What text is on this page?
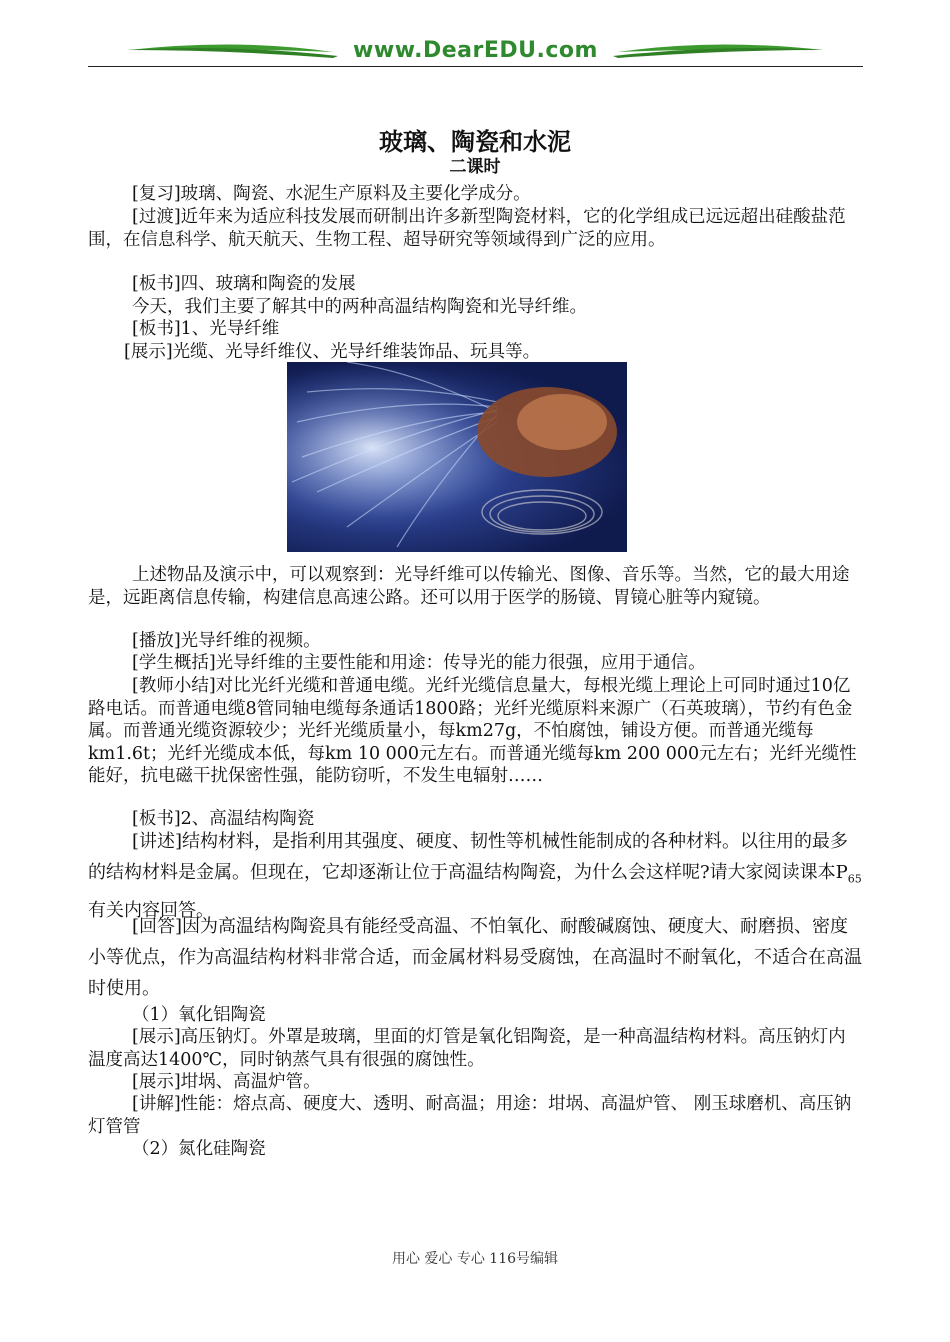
www.DearEDU.com
玻璃、陶瓷和水泥
二课时

[复习]玻璃、陶瓷、水泥生产原料及主要化学成分。

[过渡]近年来为适应科技发展而研制出许多新型陶瓷材料，它的化学组成已远远超出硅酸盐范围，在信息科学、航天航天、生物工程、超导研究等领域得到广泛的应用。

[板书]四、玻璃和陶瓷的发展

今天，我们主要了解其中的两种高温结构陶瓷和光导纤维。

[板书]1、光导纤维

[展示]光缆、光导纤维仪、光导纤维装饰品、玩具等。

上述物品及演示中，可以观察到：光导纤维可以传输光、图像、音乐等。当然，它的最大用途是，远距离信息传输，构建信息高速公路。还可以用于医学的肠镜、胃镜心脏等内窥镜。

[播放]光导纤维的视频。

[学生概括]光导纤维的主要性能和用途：传导光的能力很强，应用于通信。

[教师小结]对比光纤光缆和普通电缆。光纤光缆信息量大，每根光缆上理论上可同时通过10亿路电话。而普通电缆8管同轴电缆每条通话1800路；光纤光缆原料来源广（石英玻璃），节约有色金属。而普通光缆资源较少；光纤光缆质量小，每km27g，不怕腐蚀，铺设方便。而普通光缆每km1.6t；光纤光缆成本低，每km 10 000元左右。而普通光缆每km 200 000元左右；光纤光缆性能好，抗电磁干扰保密性强，能防窃听，不发生电辐射……

[板书]2、高温结构陶瓷

[讲述]结构材料，是指利用其强度、硬度、韧性等机械性能制成的各种材料。以往用的最多的结构材料是金属。但现在，它却逐渐让位于高温结构陶瓷，为什么会这样呢?请大家阅读课本$P_{65}$有关内容回答。

[回答]因为高温结构陶瓷具有能经受高温、不怕氧化、耐酸碱腐蚀、硬度大、耐磨损、密度小等优点，作为高温结构材料非常合适，而金属材料易受腐蚀，在高温时不耐氧化，不适合在高温时使用。

（1）氧化铝陶瓷

[展示]高压钠灯。外罩是玻璃，里面的灯管是氧化铝陶瓷，是一种高温结构材料。高压钠灯内温度高达1400℃，同时钠蒸气具有很强的腐蚀性。

[展示]坩埚、高温炉管。

[讲解]性能：熔点高、硬度大、透明、耐高温；用途：坩埚、高温炉管、 刚玉球磨机、高压钠灯管管

（2）氮化硅陶瓷

用心 爱心 专心 116号编辑
